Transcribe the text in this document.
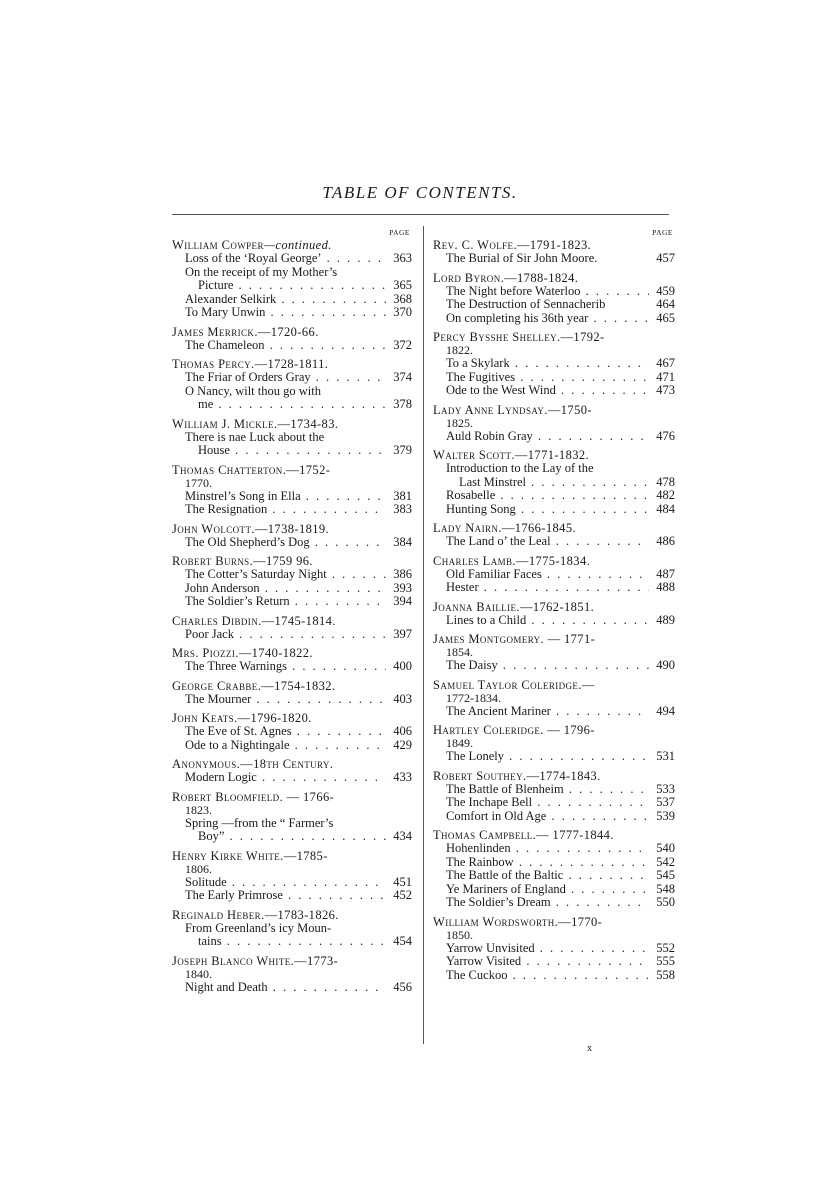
TABLE OF CONTENTS.
PAGE
William Cowper—continued.
Loss of the ‘Royal George’ . . .	363
On the receipt of my Mother’s
Picture . . .	365
Alexander Selkirk . . .	368
To Mary Unwin . . .	370
James Merrick.—1720-66.
The Chameleon . . .	372
Thomas Percy.—1728-1811.
The Friar of Orders Gray . . .	374
O Nancy, wilt thou go with
me . . .	378
William J. Mickle.—1734-83.
There is nae Luck about the
House . . .	379
Thomas Chatterton.—1752-
1770.
Minstrel’s Song in Ella . . .	381
The Resignation . . .	383
John Wolcott.—1738-1819.
The Old Shepherd’s Dog . . .	384
Robert Burns.—1759 96.
The Cotter’s Saturday Night . . .	386
John Anderson . . .	393
The Soldier’s Return . . .	394
Charles Dibdin.—1745-1814.
Poor Jack . . .	397
Mrs. Piozzi.—1740-1822.
The Three Warnings . . .	400
George Crabbe.—1754-1832.
The Mourner . . .	403
John Keats.—1796-1820.
The Eve of St. Agnes . . .	406
Ode to a Nightingale . . .	429
Anonymous.—18th Century.
Modern Logic . . .	433
Robert Bloomfield. — 1766-
1823.
Spring —from the “ Farmer’s
Boy” . . .	434
Henry Kirke White.—1785-
1806.
Solitude . . .	451
The Early Primrose . . .	452
Reginald Heber.—1783-1826.
From Greenland’s icy Moun-
tains . . .	454
Joseph Blanco White.—1773-
1840.
Night and Death . . .	456
PAGE
Rev. C. Wolfe.—1791-1823.
The Burial of Sir John Moore.	457
Lord Byron.—1788-1824.
The Night before Waterloo . . .	459
The Destruction of Sennacherib	464
On completing his 36th year . . .	465
Percy Bysshe Shelley.—1792-
1822.
To a Skylark . . .	467
The Fugitives . . .	471
Ode to the West Wind . . .	473
Lady Anne Lyndsay.—1750-
1825.
Auld Robin Gray . . .	476
Walter Scott.—1771-1832.
Introduction to the Lay of the
Last Minstrel . . .	478
Rosabelle . . .	482
Hunting Song . . .	484
Lady Nairn.—1766-1845.
The Land o’ the Leal . . .	486
Charles Lamb.—1775-1834.
Old Familiar Faces . . .	487
Hester . . .	488
Joanna Baillie.—1762-1851.
Lines to a Child . . .	489
James Montgomery. — 1771-
1854.
The Daisy . . .	490
Samuel Taylor Coleridge.—
1772-1834.
The Ancient Mariner . . .	494
Hartley Coleridge. — 1796-
1849.
The Lonely . . .	531
Robert Southey.—1774-1843.
The Battle of Blenheim . . .	533
The Inchape Bell . . .	537
Comfort in Old Age . . .	539
Thomas Campbell.— 1777-1844.
Hohenlinden . . .	540
The Rainbow . . .	542
The Battle of the Baltic . . .	545
Ye Mariners of England . . .	548
The Soldier’s Dream . . .	550
William Wordsworth.—1770-
1850.
Yarrow Unvisited . . .	552
Yarrow Visited . . .	555
The Cuckoo . . .	558
x
